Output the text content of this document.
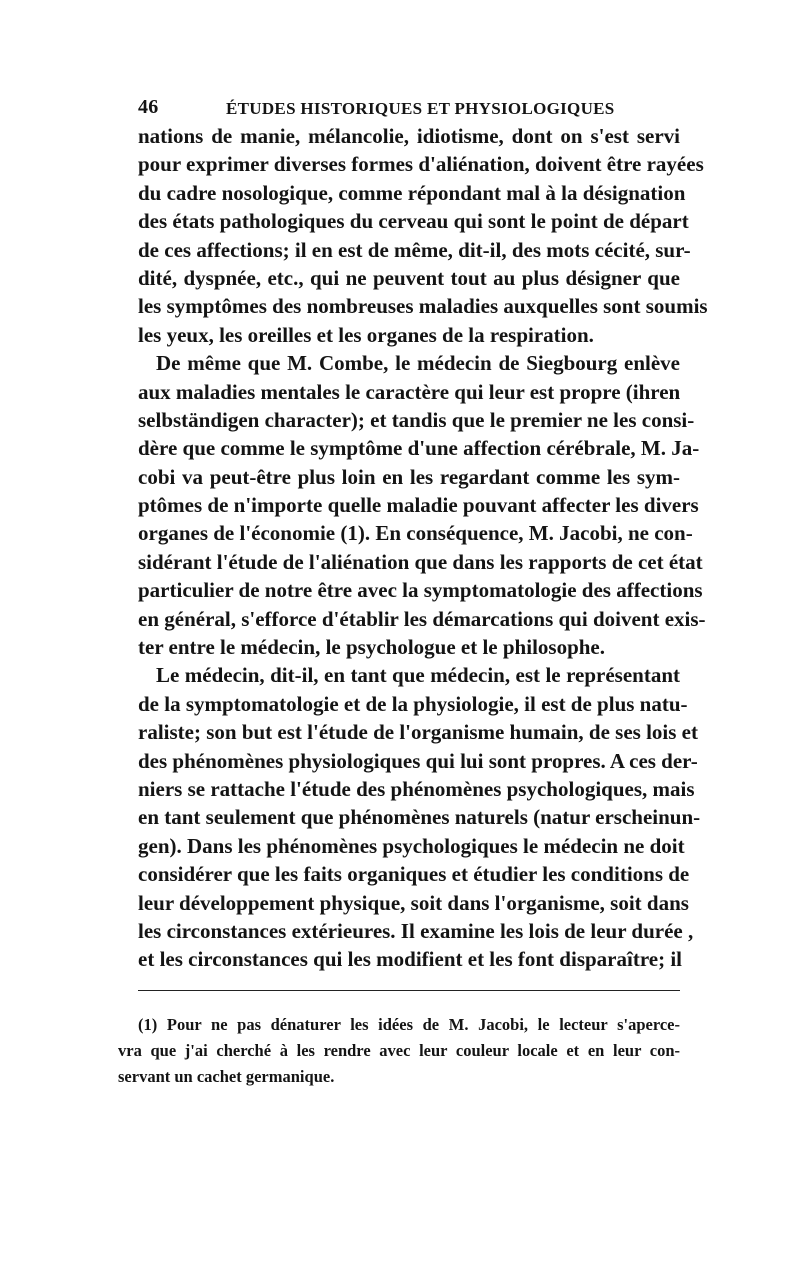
46	ÉTUDES HISTORIQUES ET PHYSIOLOGIQUES
nations de manie, mélancolie, idiotisme, dont on s'est servi
pour exprimer diverses formes d'aliénation, doivent être rayées
du cadre nosologique, comme répondant mal à la désignation
des états pathologiques du cerveau qui sont le point de départ
de ces affections; il en est de même, dit-il, des mots cécité, sur-
dité, dyspnée, etc., qui ne peuvent tout au plus désigner que
les symptômes des nombreuses maladies auxquelles sont soumis
les yeux, les oreilles et les organes de la respiration.
De même que M. Combe, le médecin de Siegbourg enlève
aux maladies mentales le caractère qui leur est propre (ihren
selbständigen character); et tandis que le premier ne les consi-
dère que comme le symptôme d'une affection cérébrale, M. Ja-
cobi va peut-être plus loin en les regardant comme les sym-
ptômes de n'importe quelle maladie pouvant affecter les divers
organes de l'économie (1). En conséquence, M. Jacobi, ne con-
sidérant l'étude de l'aliénation que dans les rapports de cet état
particulier de notre être avec la symptomatologie des affections
en général, s'efforce d'établir les démarcations qui doivent exis-
ter entre le médecin, le psychologue et le philosophe.
Le médecin, dit-il, en tant que médecin, est le représentant
de la symptomatologie et de la physiologie, il est de plus natu-
raliste; son but est l'étude de l'organisme humain, de ses lois et
des phénomènes physiologiques qui lui sont propres. A ces der-
niers se rattache l'étude des phénomènes psychologiques, mais
en tant seulement que phénomènes naturels (natur erscheinun-
gen). Dans les phénomènes psychologiques le médecin ne doit
considérer que les faits organiques et étudier les conditions de
leur développement physique, soit dans l'organisme, soit dans
les circonstances extérieures. Il examine les lois de leur durée ,
et les circonstances qui les modifient et les font disparaître; il
(1) Pour ne pas dénaturer les idées de M. Jacobi, le lecteur s'aperce-
vra que j'ai cherché à les rendre avec leur couleur locale et en leur con-
servant un cachet germanique.
